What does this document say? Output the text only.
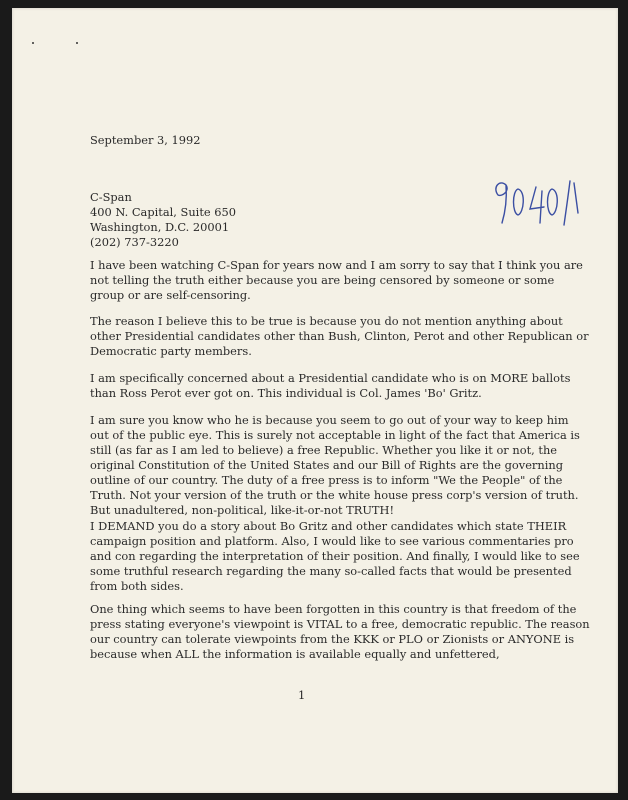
September 3, 1992
C-Span
400 N. Capital, Suite 650
Washington, D.C. 20001
(202) 737-3220

I have been watching C-Span for years now and I am sorry to say that I think you are not telling the truth either because you are being censored by someone or some group or are self-censoring.

The reason I believe this to be true is because you do not mention anything about other Presidential candidates other than Bush, Clinton, Perot and other Republican or Democratic party members.

I am specifically concerned about a Presidential candidate who is on MORE ballots than Ross Perot ever got on. This individual is Col. James 'Bo' Gritz.

I am sure you know who he is because you seem to go out of your way to keep him out of the public eye. This is surely not acceptable in light of the fact that America is still (as far as I am led to believe) a free Republic. Whether you like it or not, the original Constitution of the United States and our Bill of Rights are the governing outline of our country. The duty of a free press is to inform "We the People" of the Truth. Not your version of the truth or the white house press corp's version of truth. But unadultered, non-political, like-it-or-not TRUTH!

I DEMAND you do a story about Bo Gritz and other candidates which state THEIR campaign position and platform. Also, I would like to see various commentaries pro and con regarding the interpretation of their position. And finally, I would like to see some truthful research regarding the many so-called facts that would be presented from both sides.

One thing which seems to have been forgotten in this country is that freedom of the press stating everyone's viewpoint is VITAL to a free, democratic republic. The reason our country can tolerate viewpoints from the KKK or PLO or Zionists or ANYONE is because when ALL the information is available equally and unfettered,

1
